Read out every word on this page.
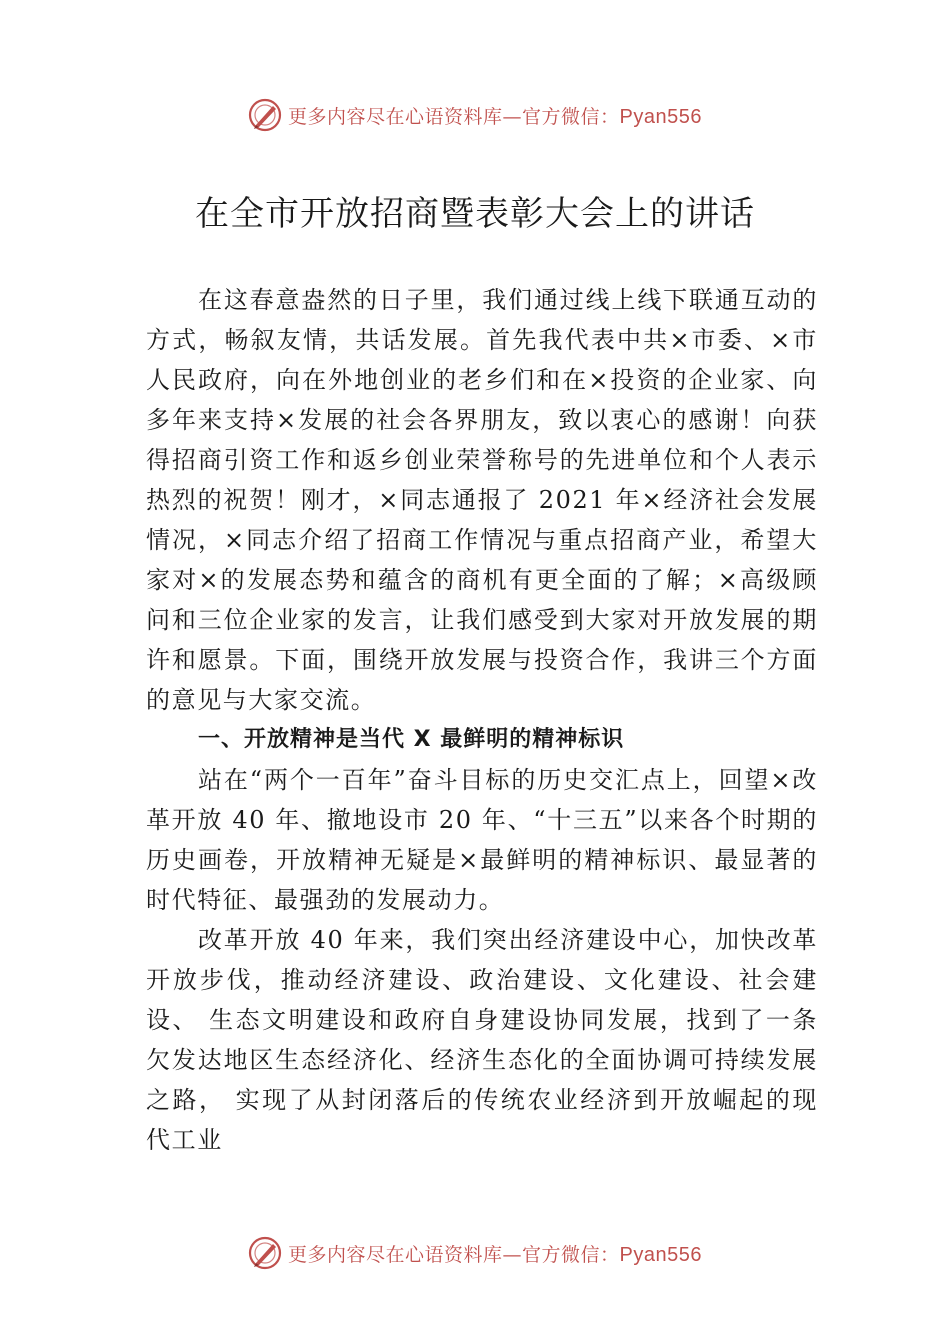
更多内容尽在心语资料库—官方微信：Pyan556
在全市开放招商暨表彰大会上的讲话

在这春意盎然的日子里，我们通过线上线下联通互动的方式，畅叙友情，共话发展。首先我代表中共×市委、×市人民政府，向在外地创业的老乡们和在×投资的企业家、向多年来支持×发展的社会各界朋友，致以衷心的感谢！向获得招商引资工作和返乡创业荣誉称号的先进单位和个人表示热烈的祝贺！刚才，×同志通报了 2021 年×经济社会发展情况，×同志介绍了招商工作情况与重点招商产业，希望大家对×的发展态势和蕴含的商机有更全面的了解；×高级顾问和三位企业家的发言，让我们感受到大家对开放发展的期许和愿景。下面，围绕开放发展与投资合作，我讲三个方面的意见与大家交流。

一、开放精神是当代 X 最鲜明的精神标识

站在“两个一百年”奋斗目标的历史交汇点上，回望×改革开放 40 年、撤地设市 20 年、“十三五”以来各个时期的历史画卷，开放精神无疑是×最鲜明的精神标识、最显著的时代特征、最强劲的发展动力。

改革开放 40 年来，我们突出经济建设中心，加快改革开放步伐，推动经济建设、政治建设、文化建设、社会建设、 生态文明建设和政府自身建设协同发展，找到了一条欠发达地区生态经济化、经济生态化的全面协调可持续发展之路， 实现了从封闭落后的传统农业经济到开放崛起的现代工业

更多内容尽在心语资料库—官方微信：Pyan556
